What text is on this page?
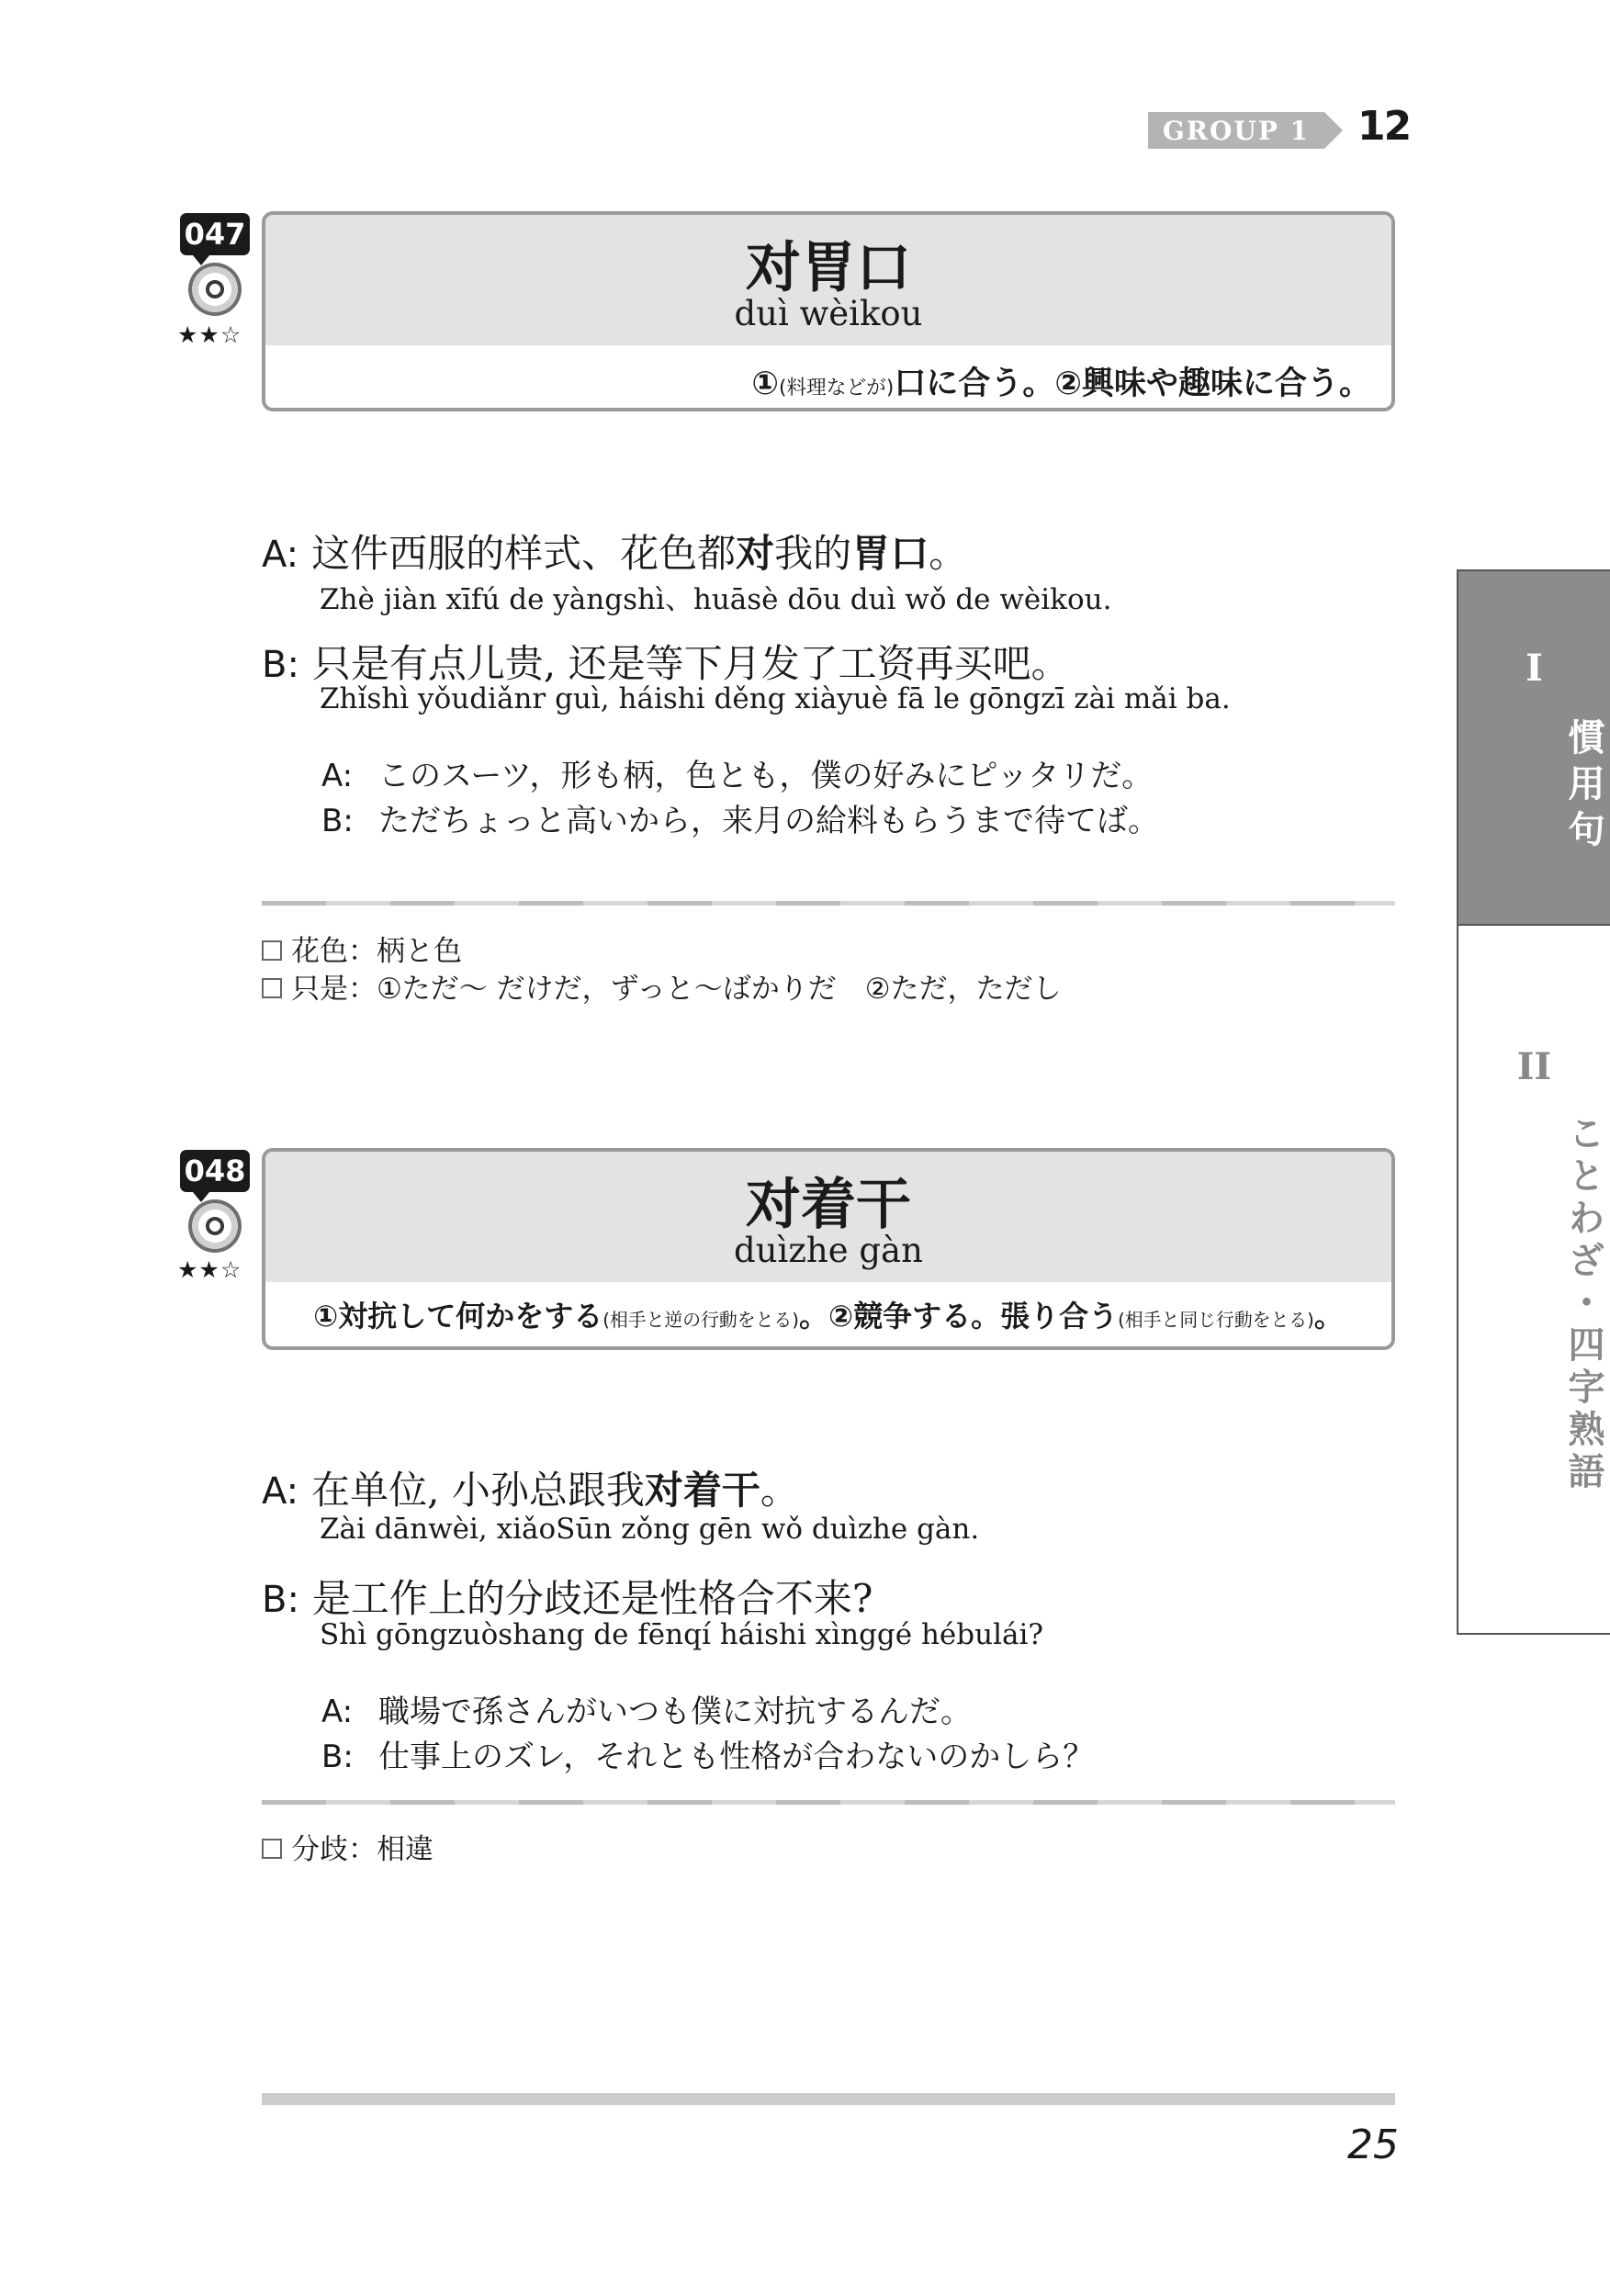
GROUP 1	12
047
★★☆
对胃口
duì wèikou
①(料理などが)口に合う。②興味や趣味に合う。
A: 这件西服的样式、花色都对我的胃口。
Zhè jiàn xīfú de yàngshì、huāsè dōu duì wǒ de wèikou.
B: 只是有点儿贵, 还是等下月发了工资再买吧。
Zhǐshì yǒudiǎnr guì, háishi děng xiàyuè fā le gōngzī zài mǎi ba.
A: このスーツ，形も柄，色とも，僕の好みにピッタリだ。
B: ただちょっと高いから，来月の給料もらうまで待てば。
花色：柄と色
只是：①ただ～ だけだ，ずっと～ばかりだ　②ただ，ただし
048
★★☆
对着干
duìzhe gàn
①対抗して何かをする(相手と逆の行動をとる)。②競争する。張り合う(相手と同じ行動をとる)。
A: 在单位, 小孙总跟我对着干。
Zài dānwèi, xiǎoSūn zǒng gēn wǒ duìzhe gàn.
B: 是工作上的分歧还是性格合不来?
Shì gōngzuòshang de fēnqí háishi xìnggé hébulái?
A: 職場で孫さんがいつも僕に対抗するんだ。
B: 仕事上のズレ，それとも性格が合わないのかしら？
分歧：相違
I
慣用句
II
ことわざ・四字熟語
25
